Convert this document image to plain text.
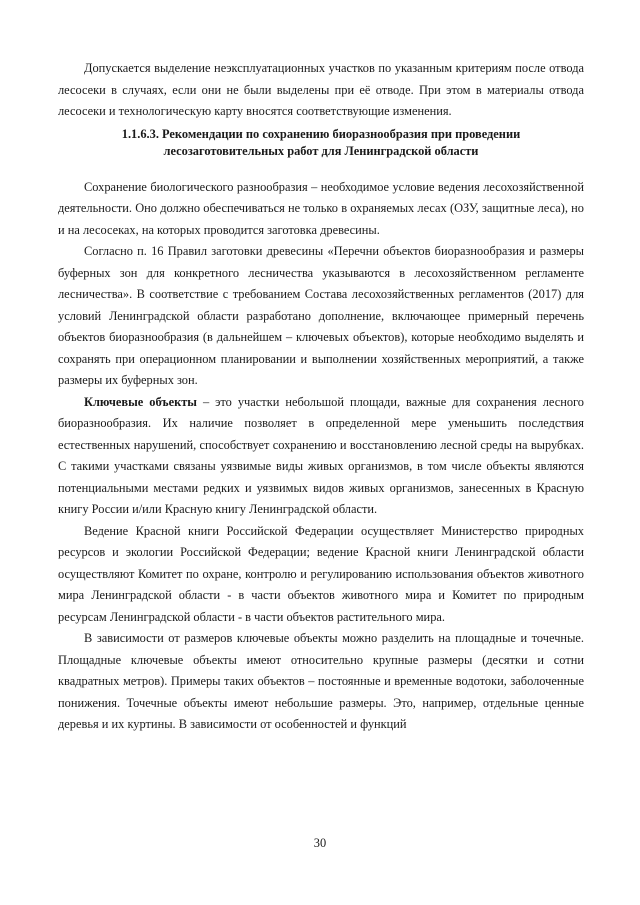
Допускается выделение неэксплуатационных участков по указанным критериям после отвода лесосеки в случаях, если они не были выделены при её отводе. При этом в материалы отвода лесосеки и технологическую карту вносятся соответствующие изменения.

1.1.6.3. Рекомендации по сохранению биоразнообразия при проведении
лесозаготовительных работ для Ленинградской области

Сохранение биологического разнообразия – необходимое условие ведения лесохозяйственной деятельности. Оно должно обеспечиваться не только в охраняемых лесах (ОЗУ, защитные леса), но и на лесосеках, на которых проводится заготовка древесины.

Согласно п. 16 Правил заготовки древесины «Перечни объектов биоразнообразия и размеры буферных зон для конкретного лесничества указываются в лесохозяйственном регламенте лесничества». В соответствие с требованием Состава лесохозяйственных регламентов (2017) для условий Ленинградской области разработано дополнение, включающее примерный перечень объектов биоразнообразия (в дальнейшем – ключевых объектов), которые необходимо выделять и сохранять при операционном планировании и выполнении хозяйственных мероприятий, а также размеры их буферных зон.

Ключевые объекты – это участки небольшой площади, важные для сохранения лесного биоразнообразия. Их наличие позволяет в определенной мере уменьшить последствия естественных нарушений, способствует сохранению и восстановлению лесной среды на вырубках. С такими участками связаны уязвимые виды живых организмов, в том числе объекты являются потенциальными местами редких и уязвимых видов живых организмов, занесенных в Красную книгу России и/или Красную книгу Ленинградской области.

Ведение Красной книги Российской Федерации осуществляет Министерство природных ресурсов и экологии Российской Федерации; ведение Красной книги Ленинградской области осуществляют Комитет по охране, контролю и регулированию использования объектов животного мира Ленинградской области - в части объектов животного мира и Комитет по природным ресурсам Ленинградской области - в части объектов растительного мира.

В зависимости от размеров ключевые объекты можно разделить на площадные и точечные. Площадные ключевые объекты имеют относительно крупные размеры (десятки и сотни квадратных метров). Примеры таких объектов – постоянные и временные водотоки, заболоченные понижения. Точечные объекты имеют небольшие размеры. Это, например, отдельные ценные деревья и их куртины. В зависимости от особенностей и функций

30
